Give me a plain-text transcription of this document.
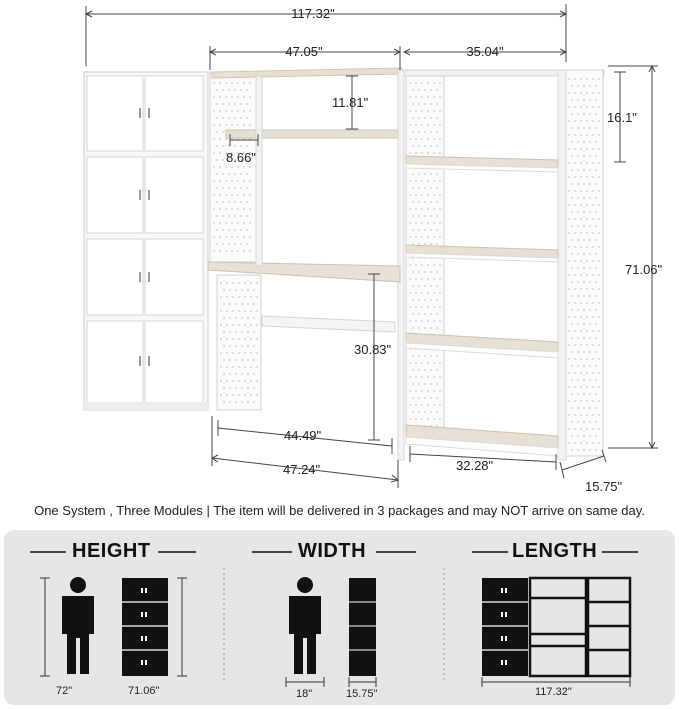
117.32"
47.05"	35.04"
11.81"
8.66"
16.1"
71.06"
30.83"
44.49"
47.24"	32.28"
15.75"
One System , Three Modules | The item will be delivered in 3 packages and may NOT arrive on same day.
HEIGHT	WIDTH	LENGTH
72"	71.06"	18"	15.75"	117.32"
